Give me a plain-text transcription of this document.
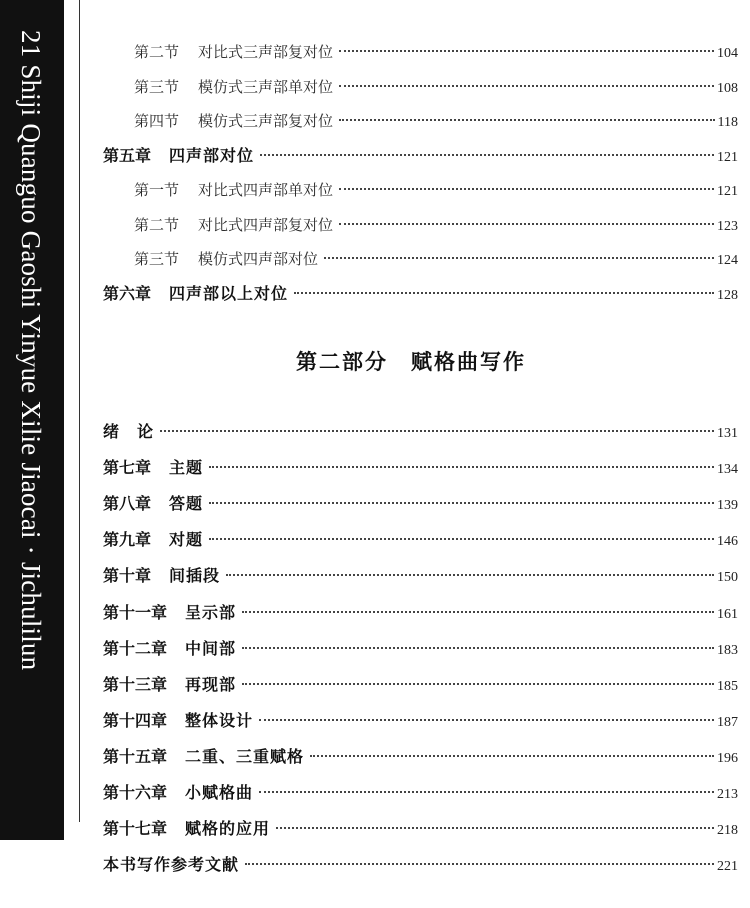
21 Shiji Quanguo Gaoshi Yinyue Xilie Jiaocai · Jichulilun	第二节	对比式三声部复对位	104
第三节	模仿式三声部单对位	108
第四节	模仿式三声部复对位	118
第五章 四声部对位	121
第一节	对比式四声部单对位	121
第二节	对比式四声部复对位	123
第三节	模仿式四声部对位	124
第六章 四声部以上对位	128
第二部分　赋格曲写作
绪　论	131
第七章 主题	134
第八章 答题	139
第九章 对题	146
第十章 间插段	150
第十一章 呈示部	161
第十二章 中间部	183
第十三章 再现部	185
第十四章 整体设计	187
第十五章 二重、三重赋格	196
第十六章 小赋格曲	213
第十七章 赋格的应用	218
本书写作参考文献	221
